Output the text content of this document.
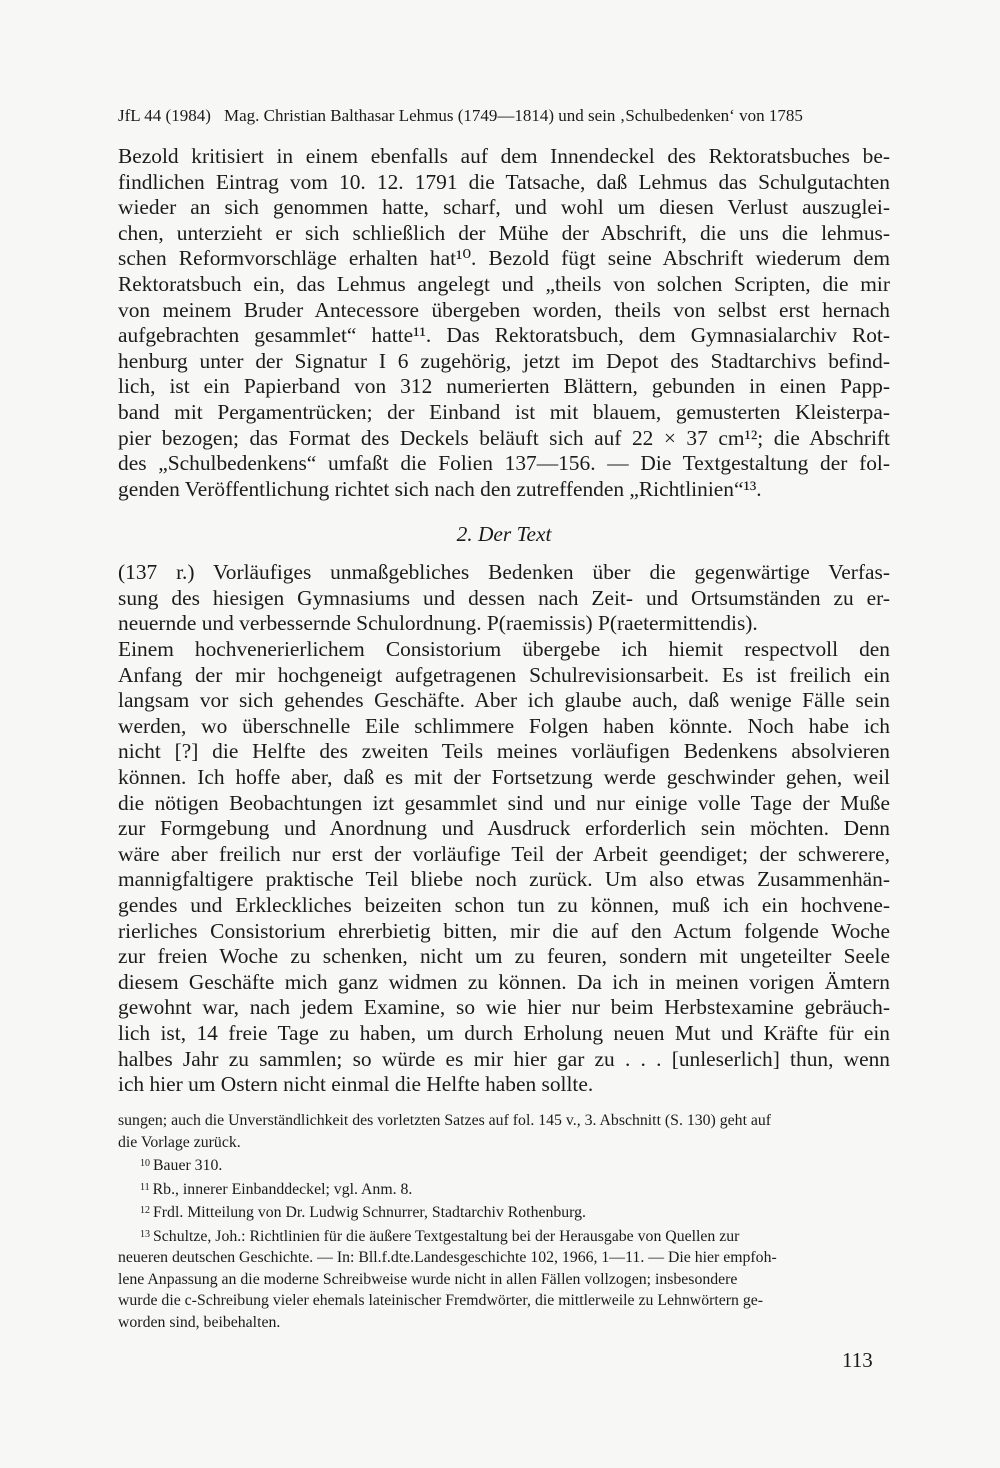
JfL 44 (1984) Mag. Christian Balthasar Lehmus (1749—1814) und sein ‚Schulbedenken‘ von 1785
Bezold kritisiert in einem ebenfalls auf dem Innendeckel des Rektoratsbuches be-
findlichen Eintrag vom 10. 12. 1791 die Tatsache, daß Lehmus das Schulgutachten
wieder an sich genommen hatte, scharf, und wohl um diesen Verlust auszuglei-
chen, unterzieht er sich schließlich der Mühe der Abschrift, die uns die lehmus-
schen Reformvorschläge erhalten hat¹⁰. Bezold fügt seine Abschrift wiederum dem
Rektoratsbuch ein, das Lehmus angelegt und „theils von solchen Scripten, die mir
von meinem Bruder Antecessore übergeben worden, theils von selbst erst hernach
aufgebrachten gesammlet“ hatte¹¹. Das Rektoratsbuch, dem Gymnasialarchiv Rot-
henburg unter der Signatur I 6 zugehörig, jetzt im Depot des Stadtarchivs befind-
lich, ist ein Papierband von 312 numerierten Blättern, gebunden in einen Papp-
band mit Pergamentrücken; der Einband ist mit blauem, gemusterten Kleisterpa-
pier bezogen; das Format des Deckels beläuft sich auf 22 × 37 cm¹²; die Abschrift
des „Schulbedenkens“ umfaßt die Folien 137—156. — Die Textgestaltung der fol-
genden Veröffentlichung richtet sich nach den zutreffenden „Richtlinien“¹³.
2. Der Text
(137 r.) Vorläufiges unmaßgebliches Bedenken über die gegenwärtige Verfas-
sung des hiesigen Gymnasiums und dessen nach Zeit- und Ortsumständen zu er-
neuernde und verbessernde Schulordnung. P(raemissis) P(raetermittendis).
Einem hochvenerierlichem Consistorium übergebe ich hiemit respectvoll den
Anfang der mir hochgeneigt aufgetragenen Schulrevisionsarbeit. Es ist freilich ein
langsam vor sich gehendes Geschäfte. Aber ich glaube auch, daß wenige Fälle sein
werden, wo überschnelle Eile schlimmere Folgen haben könnte. Noch habe ich
nicht [?] die Helfte des zweiten Teils meines vorläufigen Bedenkens absolvieren
können. Ich hoffe aber, daß es mit der Fortsetzung werde geschwinder gehen, weil
die nötigen Beobachtungen izt gesammlet sind und nur einige volle Tage der Muße
zur Formgebung und Anordnung und Ausdruck erforderlich sein möchten. Denn
wäre aber freilich nur erst der vorläufige Teil der Arbeit geendiget; der schwerere,
mannigfaltigere praktische Teil bliebe noch zurück. Um also etwas Zusammenhän-
gendes und Erkleckliches beizeiten schon tun zu können, muß ich ein hochvene-
rierliches Consistorium ehrerbietig bitten, mir die auf den Actum folgende Woche
zur freien Woche zu schenken, nicht um zu feuren, sondern mit ungeteilter Seele
diesem Geschäfte mich ganz widmen zu können. Da ich in meinen vorigen Ämtern
gewohnt war, nach jedem Examine, so wie hier nur beim Herbstexamine gebräuch-
lich ist, 14 freie Tage zu haben, um durch Erholung neuen Mut und Kräfte für ein
halbes Jahr zu sammlen; so würde es mir hier gar zu . . . [unleserlich] thun, wenn
ich hier um Ostern nicht einmal die Helfte haben sollte.
sungen; auch die Unverständlichkeit des vorletzten Satzes auf fol. 145 v., 3. Abschnitt (S. 130) geht auf
die Vorlage zurück.
$^{10}$ Bauer 310.
$^{11}$ Rb., innerer Einbanddeckel; vgl. Anm. 8.
$^{12}$ Frdl. Mitteilung von Dr. Ludwig Schnurrer, Stadtarchiv Rothenburg.
$^{13}$ Schultze, Joh.: Richtlinien für die äußere Textgestaltung bei der Herausgabe von Quellen zur
neueren deutschen Geschichte. — In: Bll.f.dte.Landesgeschichte 102, 1966, 1—11. — Die hier empfoh-
lene Anpassung an die moderne Schreibweise wurde nicht in allen Fällen vollzogen; insbesondere
wurde die c-Schreibung vieler ehemals lateinischer Fremdwörter, die mittlerweile zu Lehnwörtern ge-
worden sind, beibehalten.
113
